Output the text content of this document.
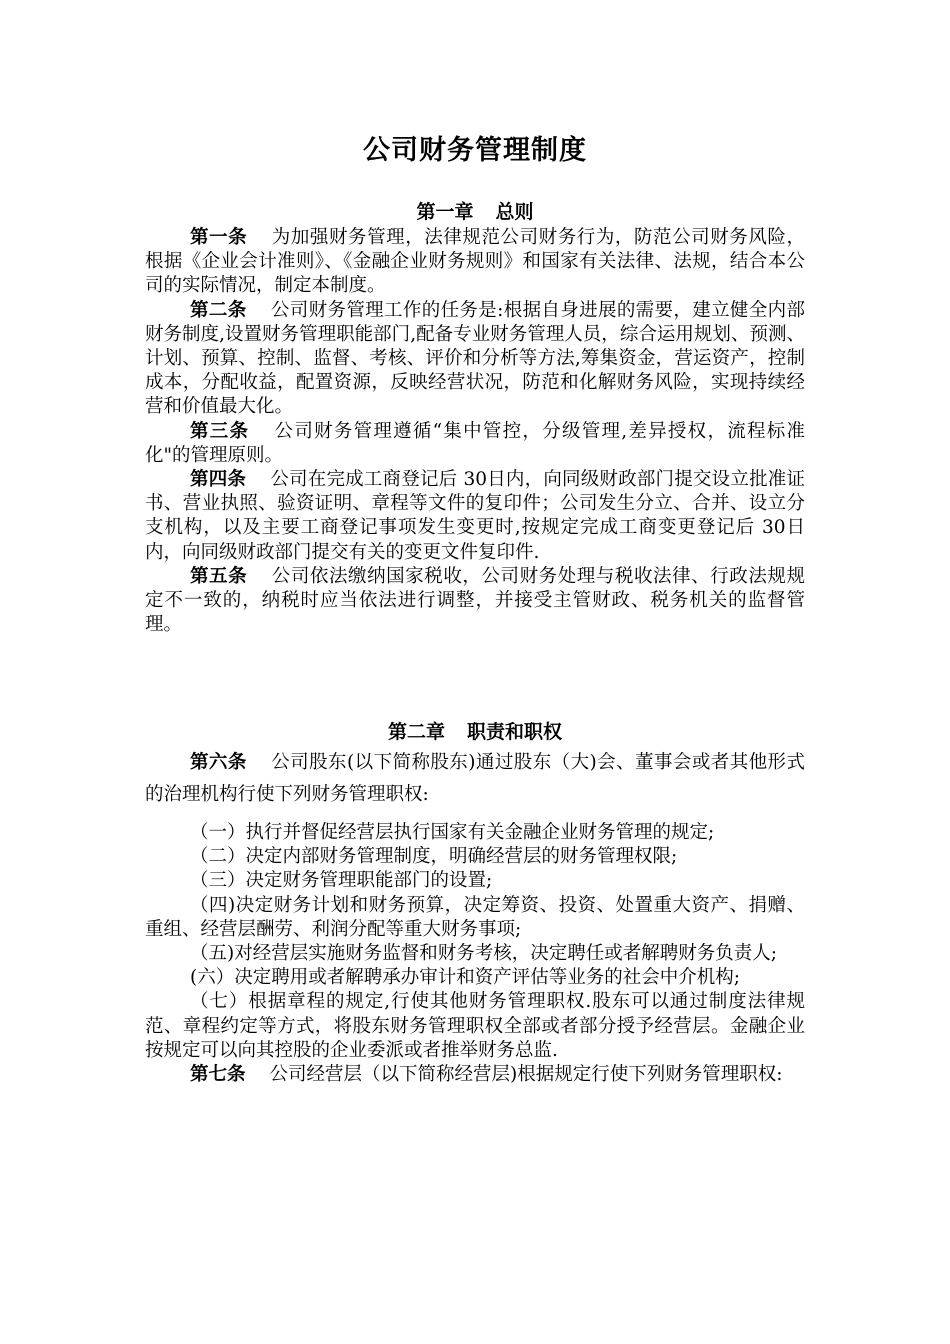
公司财务管理制度
第一章 总则

第一条 为加强财务管理，法律规范公司财务行为，防范公司财务风险，根据《企业会计准则》、《金融企业财务规则》和国家有关法律、法规，结合本公司的实际情况，制定本制度。

第二条 公司财务管理工作的任务是:根据自身进展的需要，建立健全内部财务制度,设置财务管理职能部门,配备专业财务管理人员，综合运用规划、预测、计划、预算、控制、监督、考核、评价和分析等方法,筹集资金，营运资产，控制成本，分配收益，配置资源，反映经营状况，防范和化解财务风险，实现持续经营和价值最大化。

第三条 公司财务管理遵循“集中管控，分级管理,差异授权，流程标准化"的管理原则。

第四条 公司在完成工商登记后 30日内，向同级财政部门提交设立批准证书、营业执照、验资证明、章程等文件的复印件；公司发生分立、合并、设立分支机构，以及主要工商登记事项发生变更时,按规定完成工商变更登记后 30日内，向同级财政部门提交有关的变更文件复印件.

第五条 公司依法缴纳国家税收，公司财务处理与税收法律、行政法规规定不一致的，纳税时应当依法进行调整，并接受主管财政、税务机关的监督管理。

第二章 职责和职权

第六条 公司股东(以下简称股东)通过股东（大)会、董事会或者其他形式的治理机构行使下列财务管理职权:

（一）执行并督促经营层执行国家有关金融企业财务管理的规定;

（二）决定内部财务管理制度，明确经营层的财务管理权限;

（三）决定财务管理职能部门的设置;

（四)决定财务计划和财务预算，决定筹资、投资、处置重大资产、捐赠、重组、经营层酬劳、利润分配等重大财务事项;

（五)对经营层实施财务监督和财务考核，决定聘任或者解聘财务负责人;

(六）决定聘用或者解聘承办审计和资产评估等业务的社会中介机构;

（七）根据章程的规定,行使其他财务管理职权.股东可以通过制度法律规范、章程约定等方式，将股东财务管理职权全部或者部分授予经营层。金融企业按规定可以向其控股的企业委派或者推举财务总监.

第七条 公司经营层（以下简称经营层)根据规定行使下列财务管理职权:
